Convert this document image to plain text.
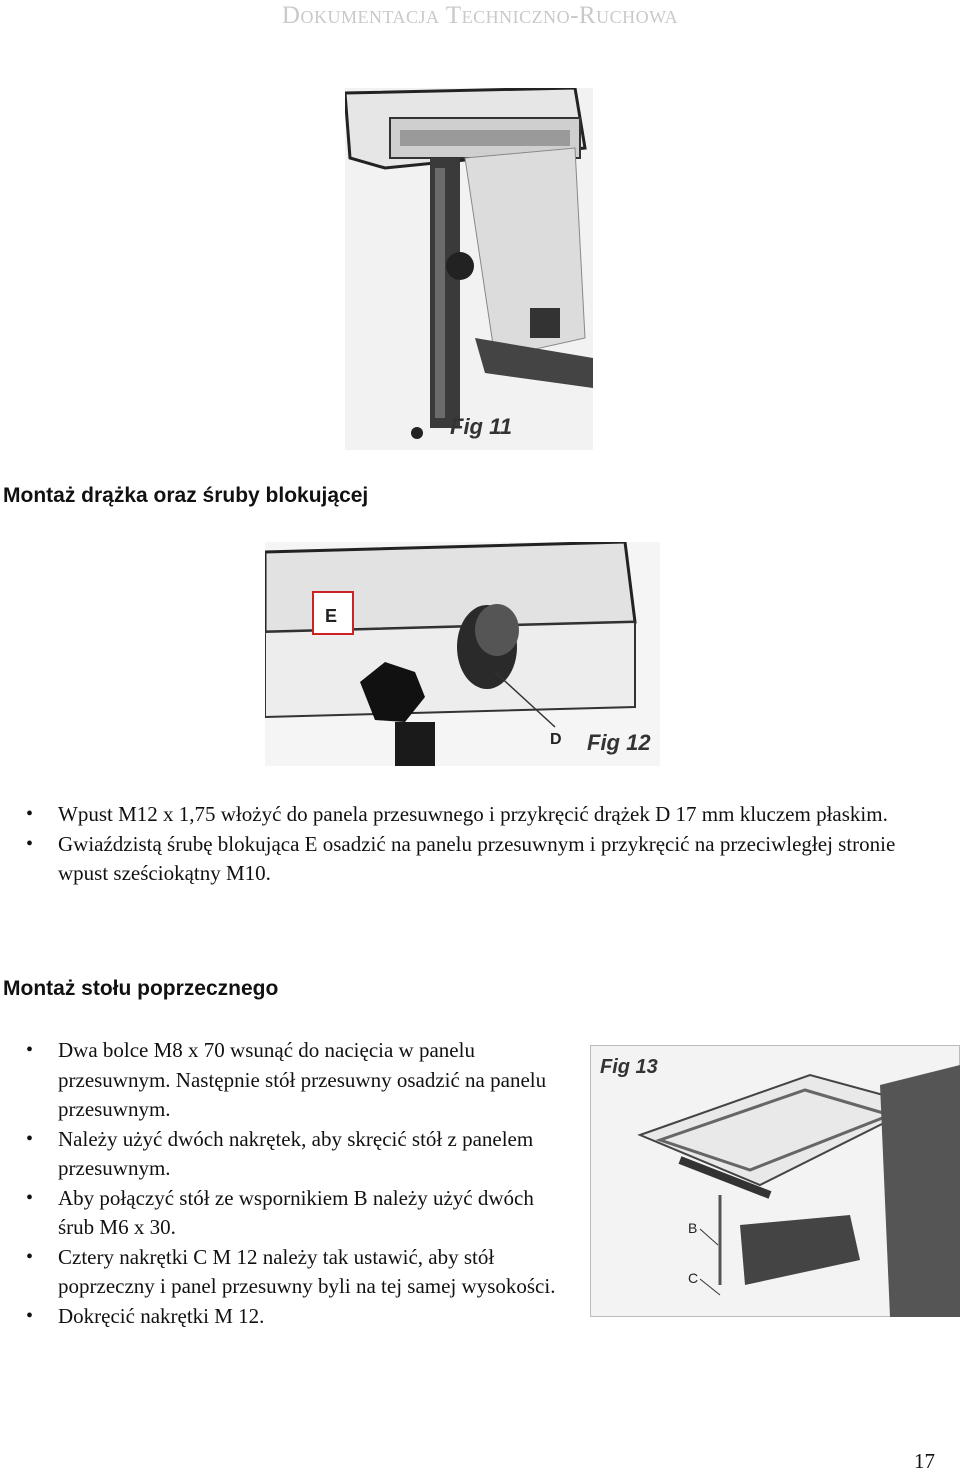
Dokumentacja Techniczno-Ruchowa
Fig 11
Montaż drążka oraz śruby blokującej
E
D Fig 12
• Wpust M12 x 1,75 włożyć do panela przesuwnego i przykręcić drążek D 17 mm kluczem płaskim.
• Gwiaździstą śrubę blokująca E osadzić na panelu przesuwnym i przykręcić na przeciwległej stronie wpust sześciokątny M10.
Montaż stołu poprzecznego
Fig 13
B
C
• Dwa bolce M8 x 70 wsunąć do nacięcia w panelu przesuwnym. Następnie stół przesuwny osadzić na panelu przesuwnym.
• Należy użyć dwóch nakrętek, aby skręcić stół z panelem przesuwnym.
• Aby połączyć stół ze wspornikiem B należy użyć dwóch śrub M6 x 30.
• Cztery nakrętki C M 12 należy tak ustawić, aby stół poprzeczny i panel przesuwny byli na tej samej wysokości.
• Dokręcić nakrętki M 12.
17
